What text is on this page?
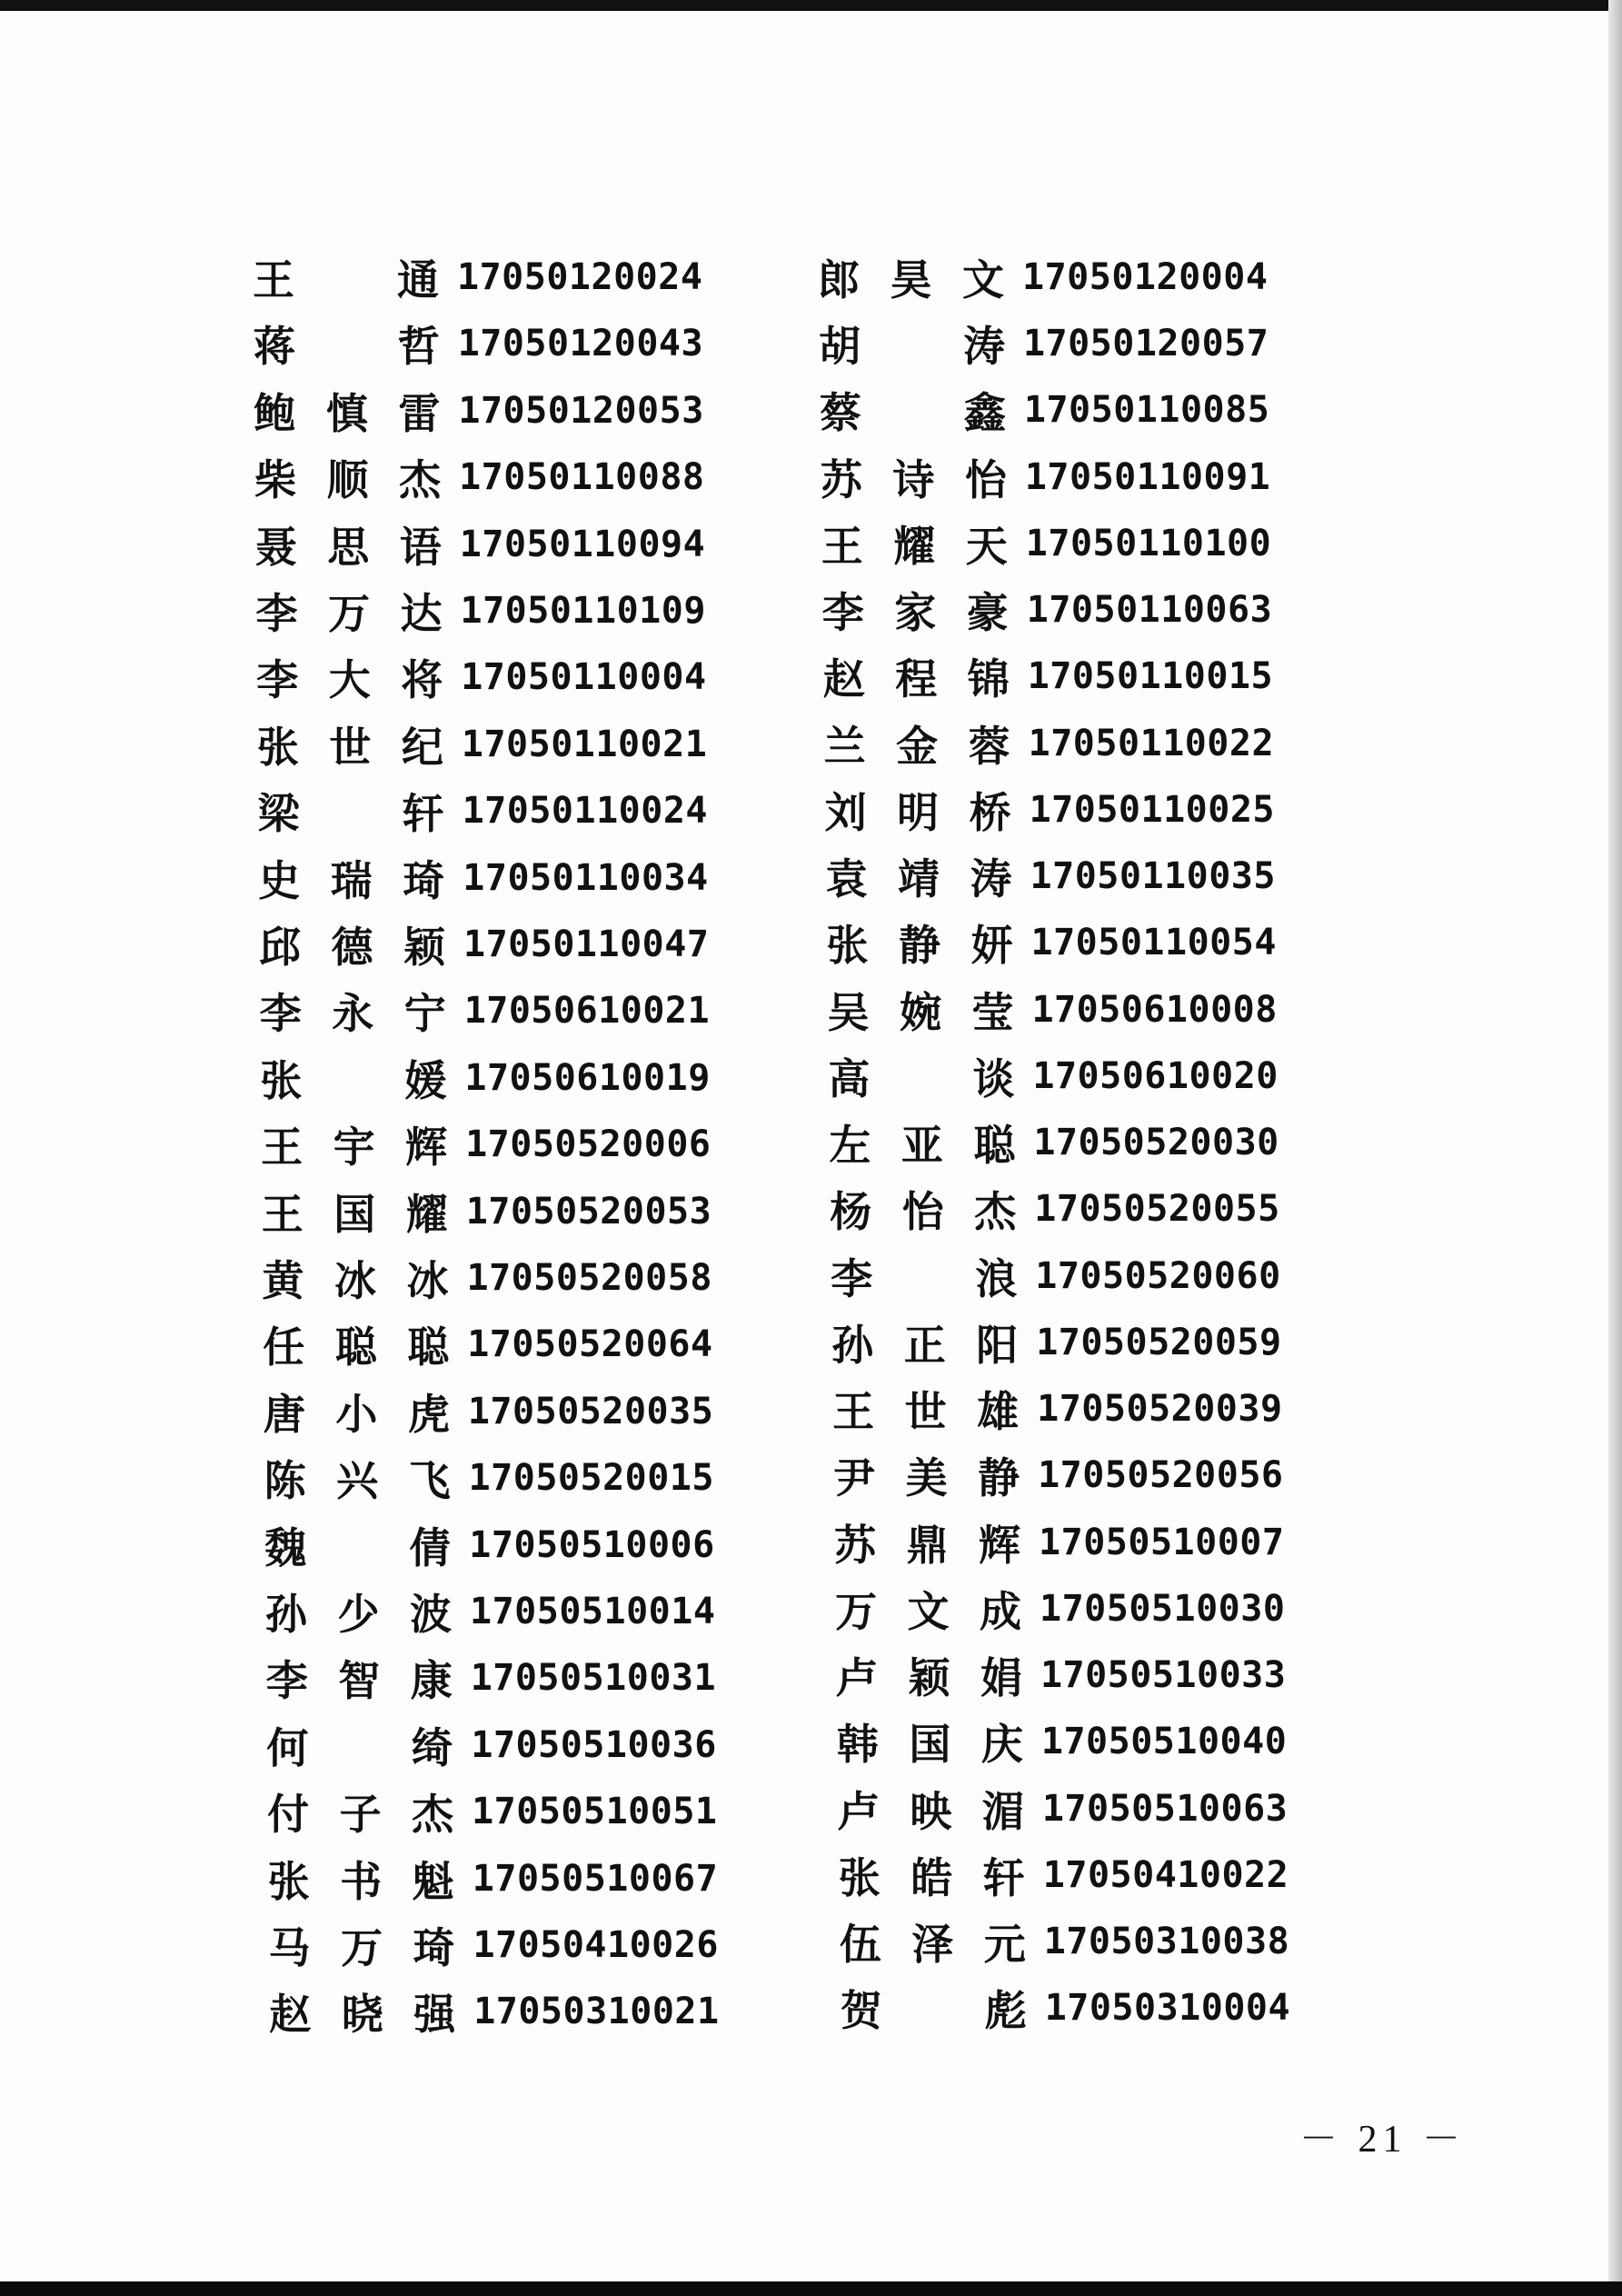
王 通 17050120024
蒋 哲 17050120043
鲍 慎 雷 17050120053
柴 顺 杰 17050110088
聂 思 语 17050110094
李 万 达 17050110109
李 大 将 17050110004
张 世 纪 17050110021
梁 轩 17050110024
史 瑞 琦 17050110034
邱 德 颖 17050110047
李 永 宁 17050610021
张 媛 17050610019
王 宇 辉 17050520006
王 国 耀 17050520053
黄 冰 冰 17050520058
任 聪 聪 17050520064
唐 小 虎 17050520035
陈 兴 飞 17050520015
魏 倩 17050510006
孙 少 波 17050510014
李 智 康 17050510031
何 绮 17050510036
付 子 杰 17050510051
张 书 魁 17050510067
马 万 琦 17050410026
赵 晓 强 17050310021
郎 昊 文 17050120004
胡 涛 17050120057
蔡 鑫 17050110085
苏 诗 怡 17050110091
王 耀 天 17050110100
李 家 豪 17050110063
赵 程 锦 17050110015
兰 金 蓉 17050110022
刘 明 桥 17050110025
袁 靖 涛 17050110035
张 静 妍 17050110054
吴 婉 莹 17050610008
高 谈 17050610020
左 亚 聪 17050520030
杨 怡 杰 17050520055
李 浪 17050520060
孙 正 阳 17050520059
王 世 雄 17050520039
尹 美 静 17050520056
苏 鼎 辉 17050510007
万 文 成 17050510030
卢 颖 娟 17050510033
韩 国 庆 17050510040
卢 映 湄 17050510063
张 皓 轩 17050410022
伍 泽 元 17050310038
贺 彪 17050310004
－ 21 －
